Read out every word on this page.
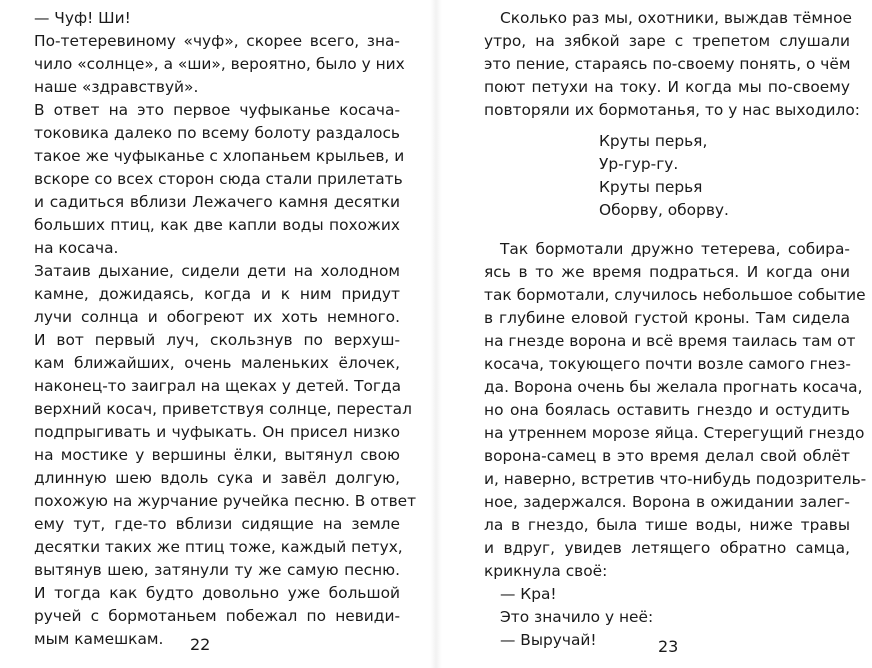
— Чуф! Ши!
По-тетеревиному «чуф», скорее всего, зна-
чило «солнце», а «ши», вероятно, было у них
наше «здравствуй».
В ответ на это первое чуфыканье косача-
токовика далеко по всему болоту раздалось
такое же чуфыканье с хлопаньем крыльев, и
вскоре со всех сторон сюда стали прилетать
и садиться вблизи Лежачего камня десятки
больших птиц, как две капли воды похожих
на косача.
Затаив дыхание, сидели дети на холодном
камне, дожидаясь, когда и к ним придут
лучи солнца и обогреют их хоть немного.
И вот первый луч, скользнув по верхуш-
кам ближайших, очень маленьких ёлочек,
наконец-то заиграл на щеках у детей. Тогда
верхний косач, приветствуя солнце, перестал
подпрыгивать и чуфыкать. Он присел низко
на мостике у вершины ёлки, вытянул свою
длинную шею вдоль сука и завёл долгую,
похожую на журчание ручейка песню. В ответ
ему тут, где-то вблизи сидящие на земле
десятки таких же птиц тоже, каждый петух,
вытянув шею, затянули ту же самую песню.
И тогда как будто довольно уже большой
ручей с бормотаньем побежал по невиди-
мым камешкам.	22
Сколько раз мы, охотники, выждав тёмное
утро, на зябкой заре с трепетом слушали
это пение, стараясь по-своему понять, о чём
поют петухи на току. И когда мы по-своему
повторяли их бормотанья, то у нас выходило:
Круты перья,
Ур-гур-гу.
Круты перья
Оборву, оборву.
Так бормотали дружно тетерева, собира-
ясь в то же время подраться. И когда они
так бормотали, случилось небольшое событие
в глубине еловой густой кроны. Там сидела
на гнезде ворона и всё время таилась там от
косача, токующего почти возле самого гнез-
да. Ворона очень бы желала прогнать косача,
но она боялась оставить гнездо и остудить
на утреннем морозе яйца. Стерегущий гнездо
ворона-самец в это время делал свой облёт
и, наверно, встретив что-нибудь подозритель-
ное, задержался. Ворона в ожидании залег-
ла в гнездо, была тише воды, ниже травы
и вдруг, увидев летящего обратно самца,
крикнула своё:
— Кра!
Это значило у неё:
— Выручай!	23
